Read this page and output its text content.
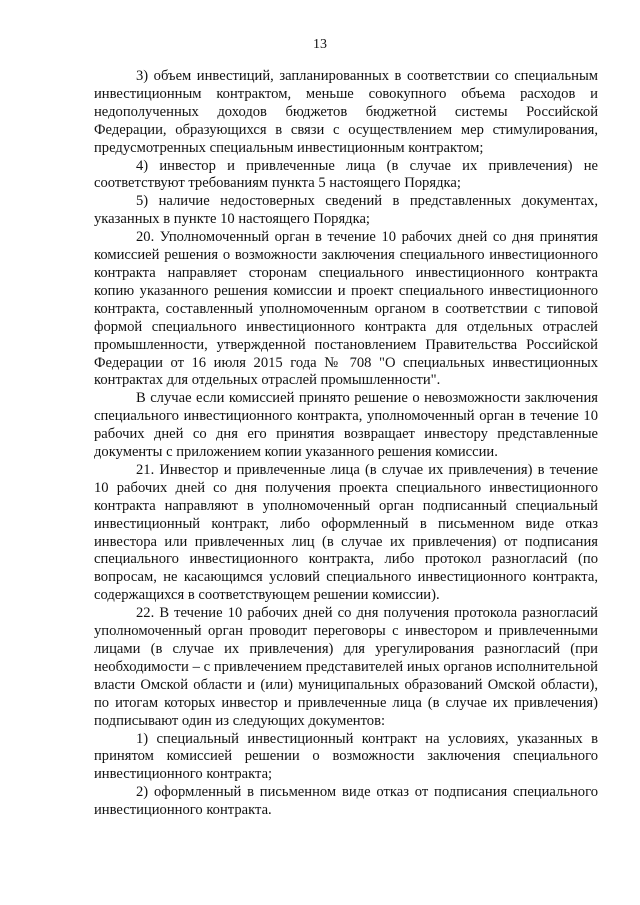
13

3) объем инвестиций, запланированных в соответствии со специальным инвестиционным контрактом, меньше совокупного объема расходов и недополученных доходов бюджетов бюджетной системы Российской Федерации, образующихся в связи с осуществлением мер стимулирования, предусмотренных специальным инвестиционным контрактом;

4) инвестор и привлеченные лица (в случае их привлечения) не соответствуют требованиям пункта 5 настоящего Порядка;

5) наличие недостоверных сведений в представленных документах, указанных в пункте 10 настоящего Порядка;

20. Уполномоченный орган в течение 10 рабочих дней со дня принятия комиссией решения о возможности заключения специального инвестиционного контракта направляет сторонам специального инвестиционного контракта копию указанного решения комиссии и проект специального инвестиционного контракта, составленный уполномоченным органом в соответствии с типовой формой специального инвестиционного контракта для отдельных отраслей промышленности, утвержденной постановлением Правительства Российской Федерации от 16 июля 2015 года № 708 "О специальных инвестиционных контрактах для отдельных отраслей промышленности".

В случае если комиссией принято решение о невозможности заключения специального инвестиционного контракта, уполномоченный орган в течение 10 рабочих дней со дня его принятия возвращает инвестору представленные документы с приложением копии указанного решения комиссии.

21. Инвестор и привлеченные лица (в случае их привлечения) в течение 10 рабочих дней со дня получения проекта специального инвестиционного контракта направляют в уполномоченный орган подписанный специальный инвестиционный контракт, либо оформленный в письменном виде отказ инвестора или привлеченных лиц (в случае их привлечения) от подписания специального инвестиционного контракта, либо протокол разногласий (по вопросам, не касающимся условий специального инвестиционного контракта, содержащихся в соответствующем решении комиссии).

22. В течение 10 рабочих дней со дня получения протокола разногласий уполномоченный орган проводит переговоры с инвестором и привлеченными лицами (в случае их привлечения) для урегулирования разногласий (при необходимости – с привлечением представителей иных органов исполнительной власти Омской области и (или) муниципальных образований Омской области), по итогам которых инвестор и привлеченные лица (в случае их привлечения) подписывают один из следующих документов:

1) специальный инвестиционный контракт на условиях, указанных в принятом комиссией решении о возможности заключения специального инвестиционного контракта;

2) оформленный в письменном виде отказ от подписания специального инвестиционного контракта.
